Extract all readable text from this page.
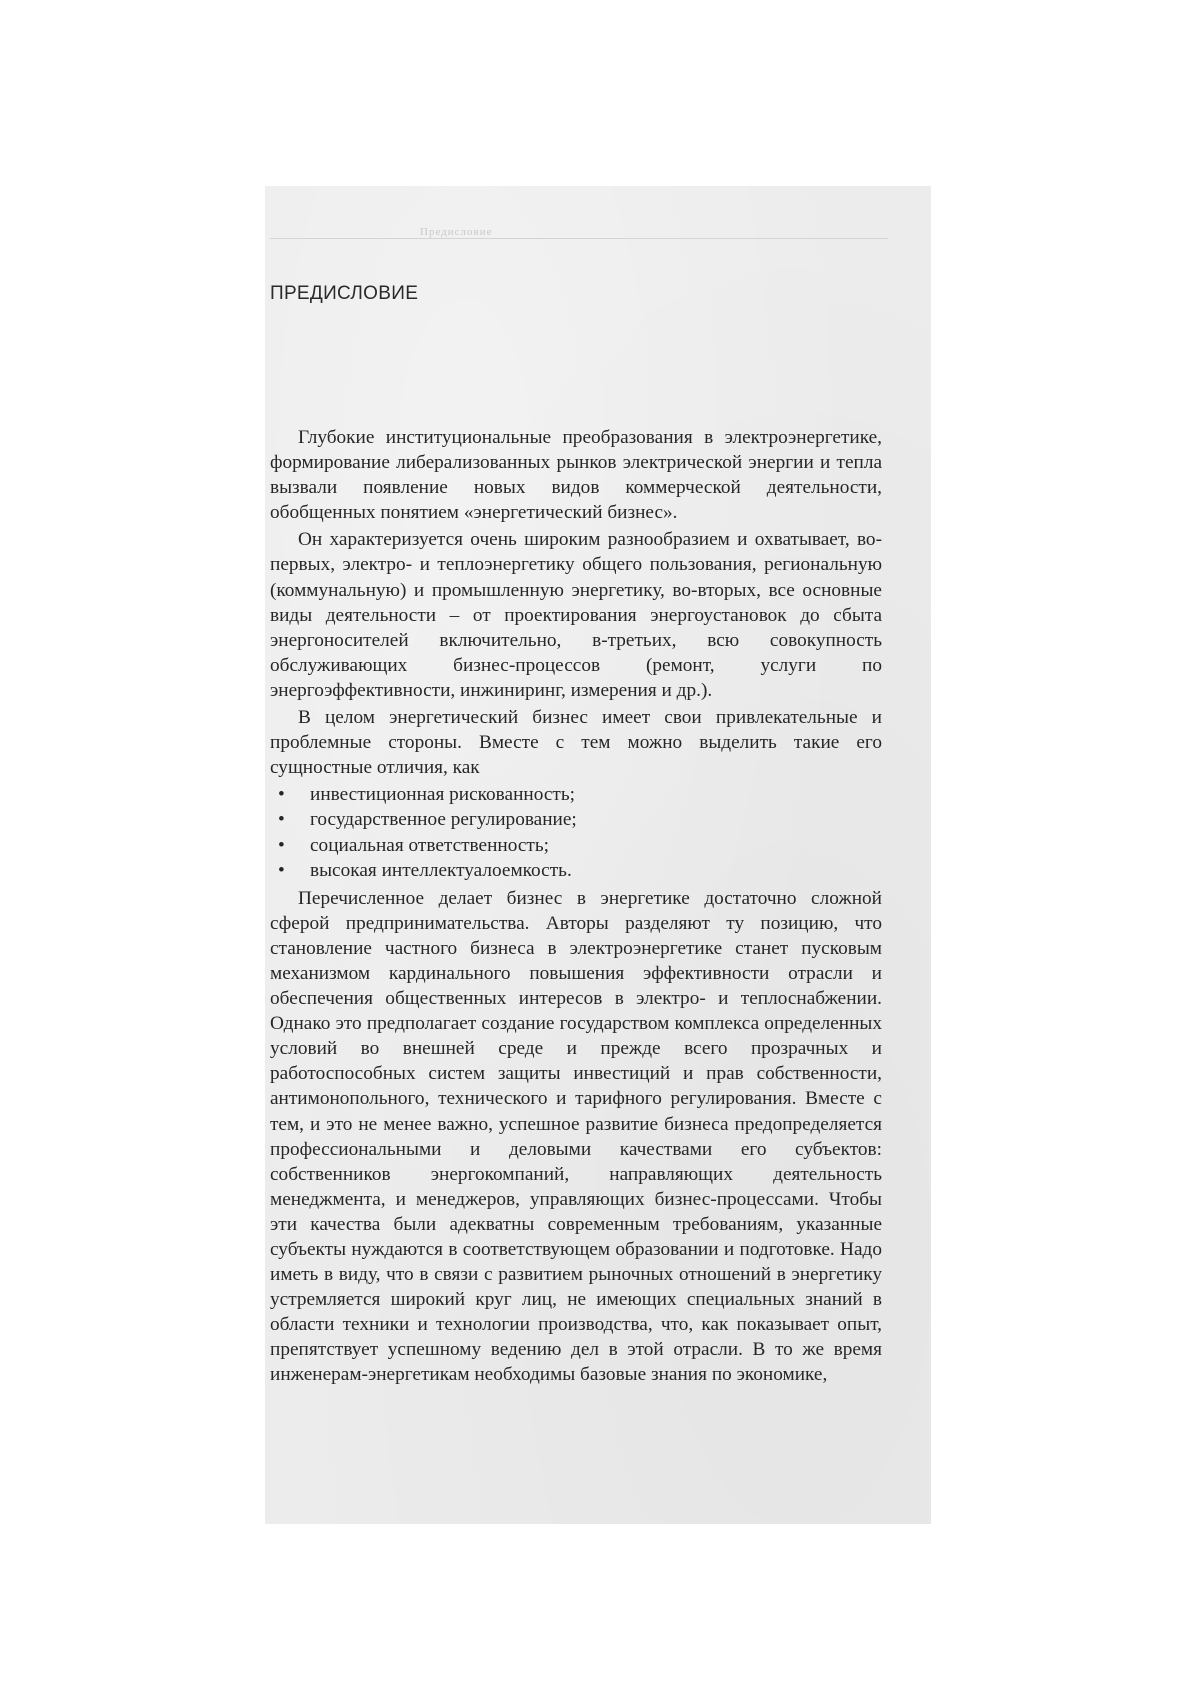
Предисловие
ПРЕДИСЛОВИЕ

Глубокие институциональные преобразования в электроэнергетике, формирование либерализованных рынков электрической энергии и тепла вызвали появление новых видов коммерческой деятельности, обобщенных понятием «энергетический бизнес».

Он характеризуется очень широким разнообразием и охватывает, во-первых, электро- и теплоэнергетику общего пользования, региональную (коммунальную) и промышленную энергетику, во-вторых, все основные виды деятельности – от проектирования энергоустановок до сбыта энергоносителей включительно, в-третьих, всю совокупность обслуживающих бизнес-процессов (ремонт, услуги по энергоэффективности, инжиниринг, измерения и др.).

В целом энергетический бизнес имеет свои привлекательные и проблемные стороны. Вместе с тем можно выделить такие его сущностные отличия, как

• инвестиционная рискованность;
• государственное регулирование;
• социальная ответственность;
• высокая интеллектуалоемкость.

Перечисленное делает бизнес в энергетике достаточно сложной сферой предпринимательства. Авторы разделяют ту позицию, что становление частного бизнеса в электроэнергетике станет пусковым механизмом кардинального повышения эффективности отрасли и обеспечения общественных интересов в электро- и теплоснабжении. Однако это предполагает создание государством комплекса определенных условий во внешней среде и прежде всего прозрачных и работоспособных систем защиты инвестиций и прав собственности, антимонопольного, технического и тарифного регулирования. Вместе с тем, и это не менее важно, успешное развитие бизнеса предопределяется профессиональными и деловыми качествами его субъектов: собственников энергокомпаний, направляющих деятельность менеджмента, и менеджеров, управляющих бизнес-процессами. Чтобы эти качества были адекватны современным требованиям, указанные субъекты нуждаются в соответствующем образовании и подготовке. Надо иметь в виду, что в связи с развитием рыночных отношений в энергетику устремляется широкий круг лиц, не имеющих специальных знаний в области техники и технологии производства, что, как показывает опыт, препятствует успешному ведению дел в этой отрасли. В то же время инженерам-энергетикам необходимы базовые знания по экономике,
